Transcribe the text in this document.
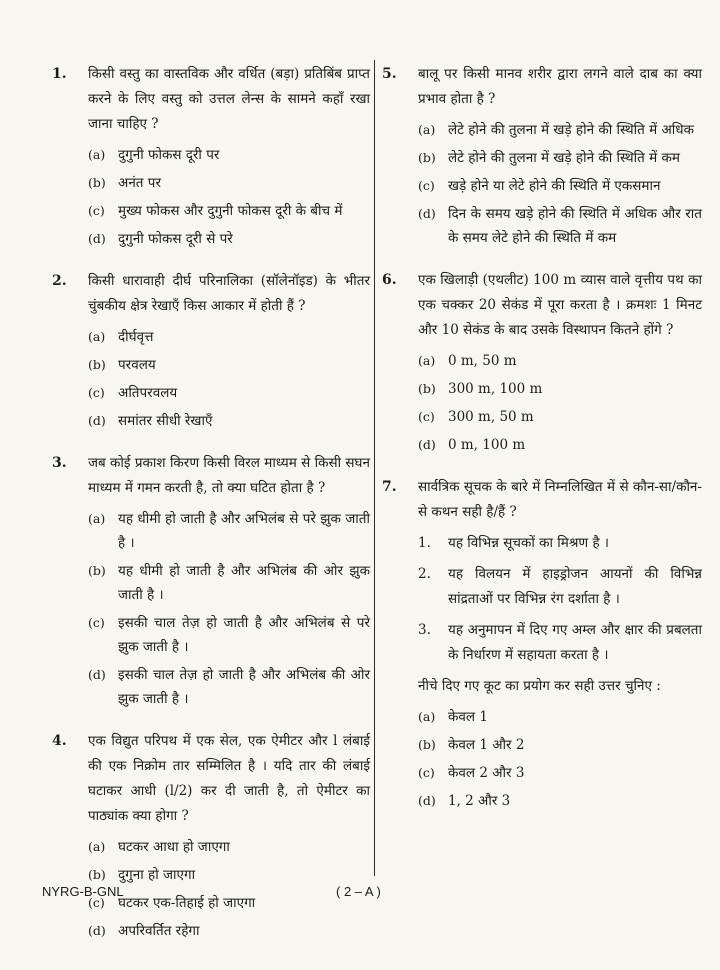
1.	किसी वस्तु का वास्तविक और वर्धित (बड़ा) प्रतिबिंब प्राप्त करने के लिए वस्तु को उत्तल लेन्स के सामने कहाँ रखा जाना चाहिए ?
(a) दुगुनी फोकस दूरी पर
(b) अनंत पर
(c) मुख्य फोकस और दुगुनी फोकस दूरी के बीच में
(d) दुगुनी फोकस दूरी से परे
2.	किसी धारावाही दीर्घ परिनालिका (सॉलेनॉइड) के भीतर चुंबकीय क्षेत्र रेखाएँ किस आकार में होती हैं ?
(a) दीर्घवृत्त
(b) परवलय
(c) अतिपरवलय
(d) समांतर सीधी रेखाएँ
3.	जब कोई प्रकाश किरण किसी विरल माध्यम से किसी सघन माध्यम में गमन करती है, तो क्या घटित होता है ?
(a) यह धीमी हो जाती है और अभिलंब से परे झुक जाती है ।
(b) यह धीमी हो जाती है और अभिलंब की ओर झुक जाती है ।
(c) इसकी चाल तेज़ हो जाती है और अभिलंब से परे झुक जाती है ।
(d) इसकी चाल तेज़ हो जाती है और अभिलंब की ओर झुक जाती है ।
4.	एक विद्युत परिपथ में एक सेल, एक ऐमीटर और l लंबाई की एक निक्रोम तार सम्मिलित है । यदि तार की लंबाई घटाकर आधी (l/2) कर दी जाती है, तो ऐमीटर का पाठ्यांक क्या होगा ?
(a) घटकर आधा हो जाएगा
(b) दुगुना हो जाएगा
(c) घटकर एक-तिहाई हो जाएगा
(d) अपरिवर्तित रहेगा
5.	बालू पर किसी मानव शरीर द्वारा लगने वाले दाब का क्या प्रभाव होता है ?
(a) लेटे होने की तुलना में खड़े होने की स्थिति में अधिक
(b) लेटे होने की तुलना में खड़े होने की स्थिति में कम
(c) खड़े होने या लेटे होने की स्थिति में एकसमान
(d) दिन के समय खड़े होने की स्थिति में अधिक और रात के समय लेटे होने की स्थिति में कम
6.	एक खिलाड़ी (एथलीट) 100 m व्यास वाले वृत्तीय पथ का एक चक्कर 20 सेकंड में पूरा करता है । क्रमशः 1 मिनट और 10 सेकंड के बाद उसके विस्थापन कितने होंगे ?
(a) 0 m, 50 m
(b) 300 m, 100 m
(c) 300 m, 50 m
(d) 0 m, 100 m
7.	सार्वत्रिक सूचक के बारे में निम्नलिखित में से कौन-सा/कौन-से कथन सही है/हैं ?
1.	यह विभिन्न सूचकों का मिश्रण है ।
2.	यह विलयन में हाइड्रोजन आयनों की विभिन्न सांद्रताओं पर विभिन्न रंग दर्शाता है ।
3.	यह अनुमापन में दिए गए अम्ल और क्षार की प्रबलता के निर्धारण में सहायता करता है ।
नीचे दिए गए कूट का प्रयोग कर सही उत्तर चुनिए :
(a) केवल 1
(b) केवल 1 और 2
(c) केवल 2 और 3
(d) 1, 2 और 3
NYRG-B-GNL	( 2 – A )
